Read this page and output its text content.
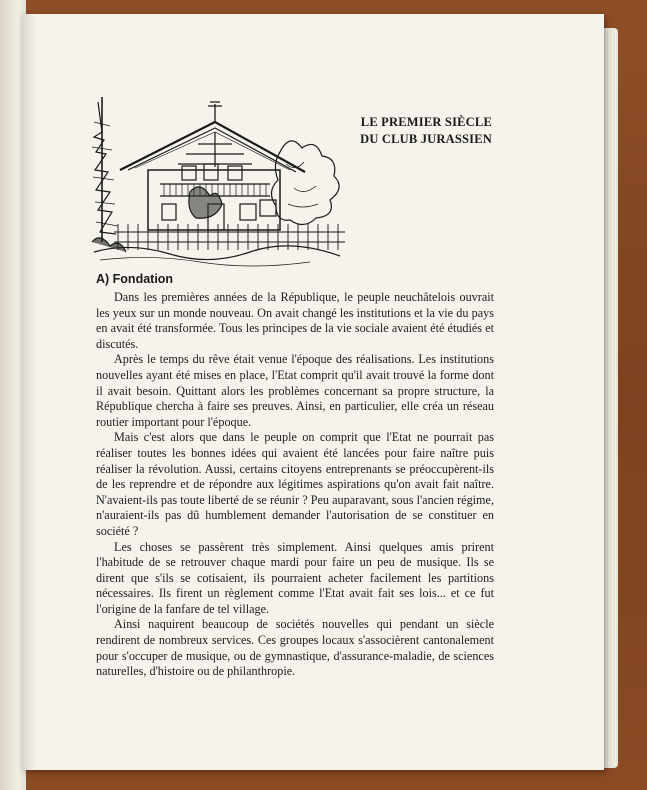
LE PREMIER SIÈCLE
DU CLUB JURASSIEN
A) Fondation

Dans les premières années de la République, le peuple neuchâtelois ouvrait les yeux sur un monde nouveau. On avait changé les institutions et la vie du pays en avait été transformée. Tous les principes de la vie sociale avaient été étudiés et discutés.

Après le temps du rêve était venue l'époque des réalisations. Les institutions nouvelles ayant été mises en place, l'Etat comprit qu'il avait trouvé la forme dont il avait besoin. Quittant alors les problèmes concernant sa propre structure, la République chercha à faire ses preuves. Ainsi, en particulier, elle créa un réseau routier important pour l'époque.

Mais c'est alors que dans le peuple on comprit que l'Etat ne pourrait pas réaliser toutes les bonnes idées qui avaient été lancées pour faire naître puis réaliser la révolution. Aussi, certains citoyens entreprenants se préoccupèrent-ils de les reprendre et de répondre aux légitimes aspirations qu'on avait fait naître. N'avaient-ils pas toute liberté de se réunir ? Peu auparavant, sous l'ancien régime, n'auraient-ils pas dû humblement demander l'autorisation de se constituer en société ?

Les choses se passèrent très simplement. Ainsi quelques amis prirent l'habitude de se retrouver chaque mardi pour faire un peu de musique. Ils se dirent que s'ils se cotisaient, ils pourraient acheter facilement les partitions nécessaires. Ils firent un règlement comme l'Etat avait fait ses lois... et ce fut l'origine de la fanfare de tel village.

Ainsi naquirent beaucoup de sociétés nouvelles qui pendant un siècle rendirent de nombreux services. Ces groupes locaux s'associèrent cantonalement pour s'occuper de musique, ou de gymnastique, d'assurance-maladie, de sciences naturelles, d'histoire ou de philanthropie.
